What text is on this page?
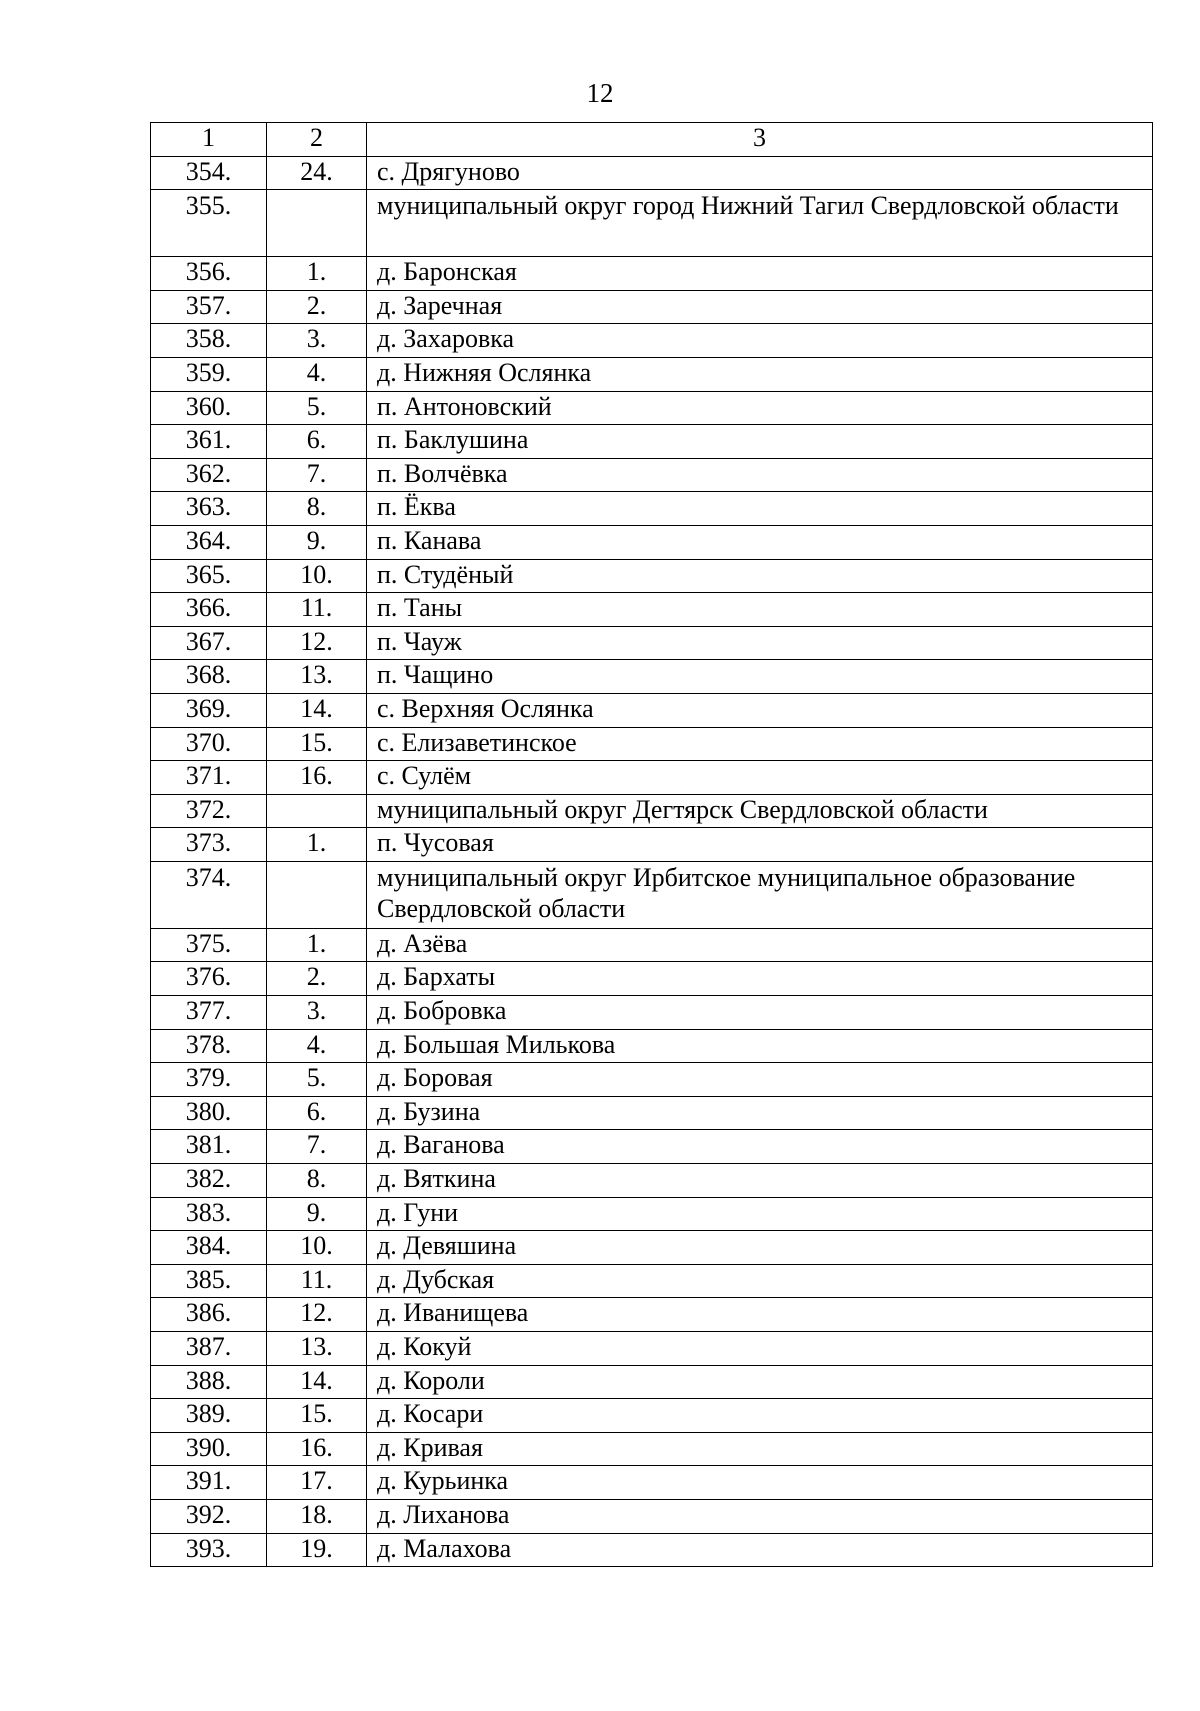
12
1	2	3
354.	24.	с. Дрягуново
355.		муниципальный округ город Нижний Тагил Свердловской области
356.	1.	д. Баронская
357.	2.	д. Заречная
358.	3.	д. Захаровка
359.	4.	д. Нижняя Ослянка
360.	5.	п. Антоновский
361.	6.	п. Баклушина
362.	7.	п. Волчёвка
363.	8.	п. Ёква
364.	9.	п. Канава
365.	10.	п. Студёный
366.	11.	п. Таны
367.	12.	п. Чауж
368.	13.	п. Чащино
369.	14.	с. Верхняя Ослянка
370.	15.	с. Елизаветинское
371.	16.	с. Сулём
372.		муниципальный округ Дегтярск Свердловской области
373.	1.	п. Чусовая
374.		муниципальный округ Ирбитское муниципальное образование Свердловской области
375.	1.	д. Азёва
376.	2.	д. Бархаты
377.	3.	д. Бобровка
378.	4.	д. Большая Милькова
379.	5.	д. Боровая
380.	6.	д. Бузина
381.	7.	д. Ваганова
382.	8.	д. Вяткина
383.	9.	д. Гуни
384.	10.	д. Девяшина
385.	11.	д. Дубская
386.	12.	д. Иванищева
387.	13.	д. Кокуй
388.	14.	д. Короли
389.	15.	д. Косари
390.	16.	д. Кривая
391.	17.	д. Курьинка
392.	18.	д. Лиханова
393.	19.	д. Малахова
